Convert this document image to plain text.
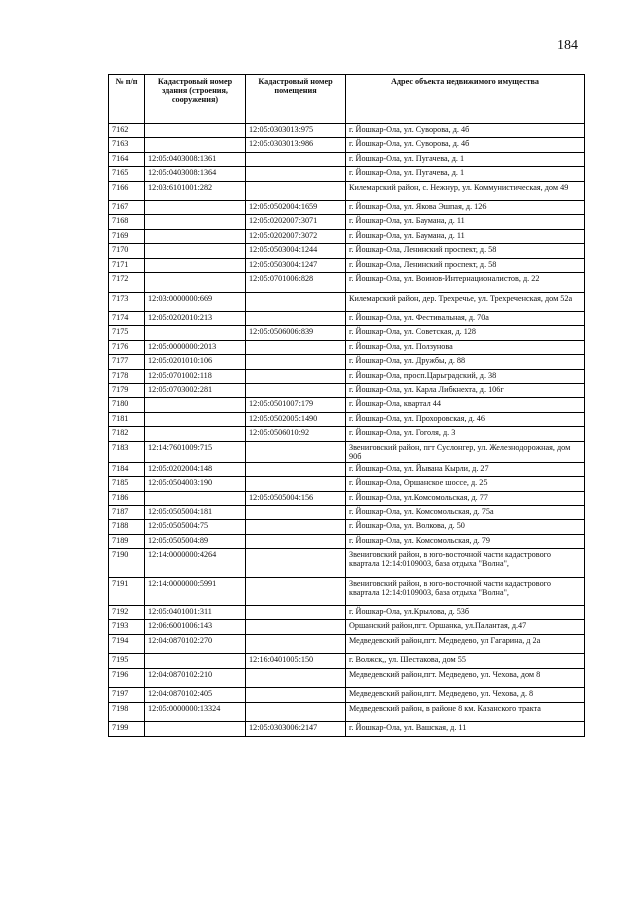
184
№ п/п	Кадастровый номер здания (строения, сооружения)	Кадастровый номер помещения	Адрес объекта недвижимого имущества
7162		12:05:0303013:975	г. Йошкар-Ола, ул. Суворова, д. 4б
7163		12:05:0303013:986	г. Йошкар-Ола, ул. Суворова, д. 4б
7164	12:05:0403008:1361		г. Йошкар-Ола, ул. Пугачева, д. 1
7165	12:05:0403008:1364		г. Йошкар-Ола, ул. Пугачева, д. 1
7166	12:03:6101001:282		Килемарский район, с. Нежнур, ул. Коммунистическая, дом 49
7167		12:05:0502004:1659	г. Йошкар-Ола, ул. Якова Эшпая, д. 126
7168		12:05:0202007:3071	г. Йошкар-Ола, ул. Баумана, д. 11
7169		12:05:0202007:3072	г. Йошкар-Ола, ул. Баумана, д. 11
7170		12:05:0503004:1244	г. Йошкар-Ола, Ленинский проспект, д. 58
7171		12:05:0503004:1247	г. Йошкар-Ола, Ленинский проспект, д. 58
7172		12:05:0701006:828	г. Йошкар-Ола, ул. Воинов-Интернационалистов, д. 22
7173	12:03:0000000:669		Килемарский район, дер. Трехречье, ул. Трехреченская, дом 52а
7174	12:05:0202010:213		г. Йошкар-Ола, ул. Фестивальная, д. 70а
7175		12:05:0506006:839	г. Йошкар-Ола, ул. Советская, д. 128
7176	12:05:0000000:2013		г. Йошкар-Ола, ул. Ползунова
7177	12:05:0201010:106		г. Йошкар-Ола, ул. Дружбы, д. 88
7178	12:05:0701002:118		г. Йошкар-Ола, просп.Царьградский, д. 38
7179	12:05:0703002:281		г. Йошкар-Ола, ул. Карла Либкнехта, д. 106г
7180		12:05:0501007:179	г. Йошкар-Ола, квартал 44
7181		12:05:0502005:1490	г. Йошкар-Ола, ул. Прохоровская, д. 46
7182		12:05:0506010:92	г. Йошкар-Ола, ул. Гоголя, д. 3
7183	12:14:7601009:715		Звениговский район, пгт Суслонгер, ул. Железнодорожная, дом 90б
7184	12:05:0202004:148		г. Йошкар-Ола, ул. Йывана Кырли, д. 27
7185	12:05:0504003:190		г. Йошкар-Ола, Оршанское шоссе, д. 25
7186		12:05:0505004:156	г. Йошкар-Ола, ул.Комсомольская, д. 77
7187	12:05:0505004:181		г. Йошкар-Ола, ул. Комсомольская, д. 75а
7188	12:05:0505004:75		г. Йошкар-Ола, ул. Волкова, д. 50
7189	12:05:0505004:89		г. Йошкар-Ола, ул. Комсомольская, д. 79
7190	12:14:0000000:4264		Звениговский район, в юго-восточной части кадастрового квартала 12:14:0109003, база отдыха "Волна",
7191	12:14:0000000:5991		Звениговский район, в юго-восточной части кадастрового квартала 12:14:0109003, база отдыха "Волна",
7192	12:05:0401001:311		г. Йошкар-Ола, ул.Крылова, д. 53б
7193	12:06:6001006:143		Оршанский район,пгт. Оршанка, ул.Палантая, д.47
7194	12:04:0870102:270		Медведевский район,пгт. Медведево, ул Гагарина, д 2а
7195		12:16:0401005:150	г. Волжск,, ул. Шестакова, дом 55
7196	12:04:0870102:210		Медведевский район,пгт. Медведево, ул. Чехова, дом 8
7197	12:04:0870102:405		Медведевский район,пгт. Медведево, ул. Чехова, д. 8
7198	12:05:0000000:13324		Медведевский район, в районе 8 км. Казанского тракта
7199		12:05:0303006:2147	г. Йошкар-Ола, ул. Вашская, д. 11
